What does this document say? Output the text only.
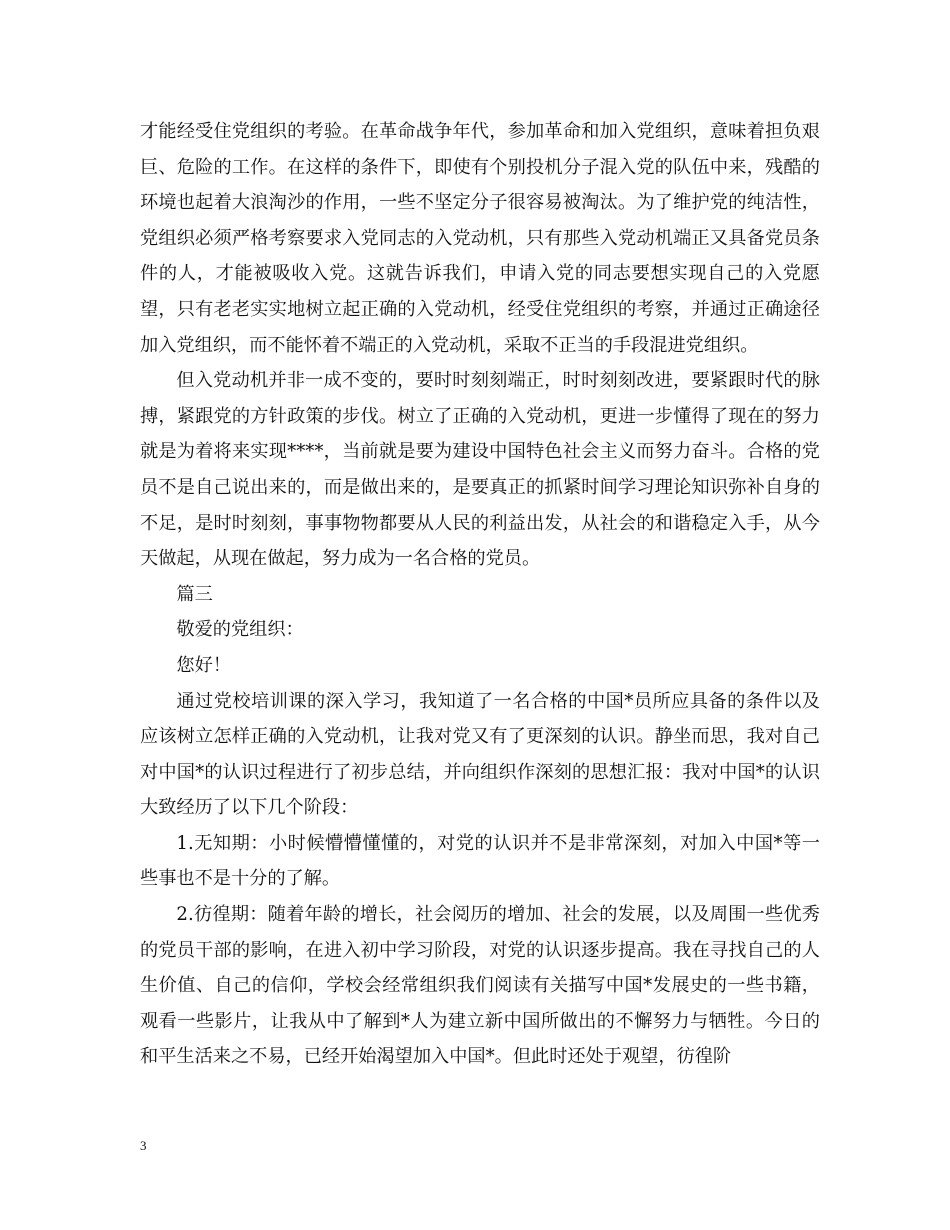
才能经受住党组织的考验。在革命战争年代，参加革命和加入党组织，意味着担负艰巨、危险的工作。在这样的条件下，即使有个别投机分子混入党的队伍中来，残酷的环境也起着大浪淘沙的作用，一些不坚定分子很容易被淘汰。为了维护党的纯洁性，党组织必须严格考察要求入党同志的入党动机，只有那些入党动机端正又具备党员条件的人，才能被吸收入党。这就告诉我们，申请入党的同志要想实现自己的入党愿望，只有老老实实地树立起正确的入党动机，经受住党组织的考察，并通过正确途径加入党组织，而不能怀着不端正的入党动机，采取不正当的手段混进党组织。

但入党动机并非一成不变的，要时时刻刻端正，时时刻刻改进，要紧跟时代的脉搏，紧跟党的方针政策的步伐。树立了正确的入党动机，更进一步懂得了现在的努力就是为着将来实现****，当前就是要为建设中国特色社会主义而努力奋斗。合格的党员不是自己说出来的，而是做出来的，是要真正的抓紧时间学习理论知识弥补自身的不足，是时时刻刻，事事物物都要从人民的利益出发，从社会的和谐稳定入手，从今天做起，从现在做起，努力成为一名合格的党员。

篇三

敬爱的党组织：

您好！

通过党校培训课的深入学习，我知道了一名合格的中国*员所应具备的条件以及应该树立怎样正确的入党动机，让我对党又有了更深刻的认识。静坐而思，我对自己对中国*的认识过程进行了初步总结，并向组织作深刻的思想汇报：我对中国*的认识大致经历了以下几个阶段：

1.无知期：小时候懵懵懂懂的，对党的认识并不是非常深刻，对加入中国*等一些事也不是十分的了解。

2.彷徨期：随着年龄的增长，社会阅历的增加、社会的发展，以及周围一些优秀的党员干部的影响，在进入初中学习阶段，对党的认识逐步提高。我在寻找自己的人生价值、自己的信仰，学校会经常组织我们阅读有关描写中国*发展史的一些书籍，观看一些影片，让我从中了解到*人为建立新中国所做出的不懈努力与牺牲。今日的和平生活来之不易，已经开始渴望加入中国*。但此时还处于观望，彷徨阶

3
